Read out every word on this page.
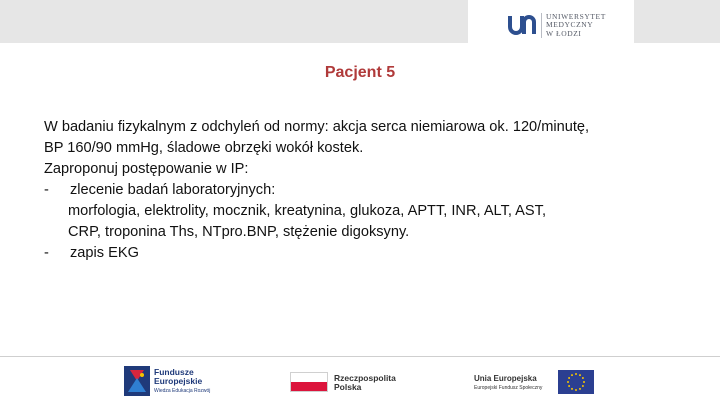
UNIWERSYTET
MEDYCZNY
W ŁODZI
Pacjent 5
W badaniu fizykalnym z odchyleń od normy: akcja serca niemiarowa ok. 120/minutę,
BP 160/90 mmHg, śladowe obrzęki wokół kostek.
Zaproponuj postępowanie w IP:
-	zlecenie badań laboratoryjnych:
morfologia, elektrolity, mocznik, kreatynina, glukoza, APTT, INR, ALT, AST,
CRP, troponina Ths, NTpro.BNP, stężenie digoksyny.
-	zapis EKG
Fundusze
Europejskie
Wiedza Edukacja Rozwój
Rzeczpospolita
Polska
Unia Europejska
Europejski Fundusz Społeczny
